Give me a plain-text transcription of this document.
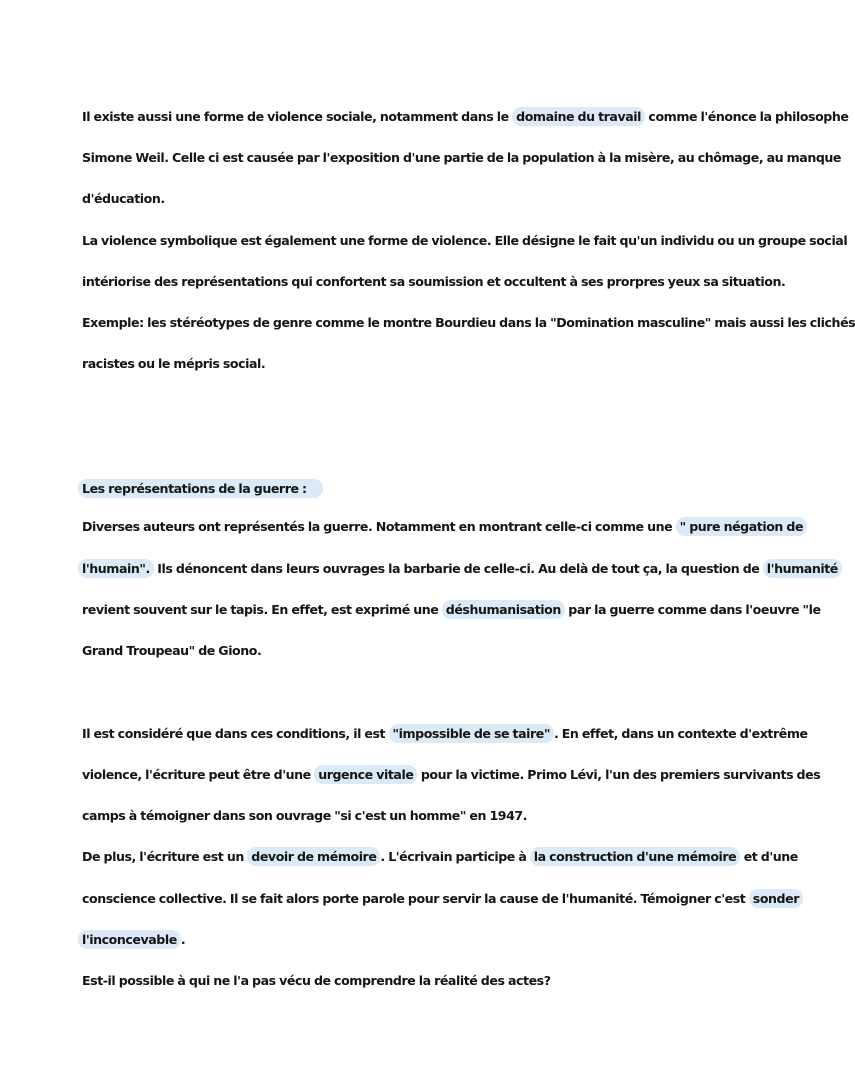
Il existe aussi une forme de violence sociale, notamment dans le domaine du travail comme l'énonce la philosophe
Simone Weil. Celle ci est causée par l'exposition d'une partie de la population à la misère, au chômage, au manque
d'éducation.
La violence symbolique est également une forme de violence. Elle désigne le fait qu'un individu ou un groupe social
intériorise des représentations qui confortent sa soumission et occultent à ses prorpres yeux sa situation.
Exemple: les stéréotypes de genre comme le montre Bourdieu dans la "Domination masculine" mais aussi les clichés
racistes ou le mépris social.
Les représentations de la guerre :
Diverses auteurs ont représentés la guerre. Notamment en montrant celle-ci comme une " pure négation de
l'humain". Ils dénoncent dans leurs ouvrages la barbarie de celle-ci. Au delà de tout ça, la question de l'humanité
revient souvent sur le tapis. En effet, est exprimé une déshumanisation par la guerre comme dans l'oeuvre "le
Grand Troupeau" de Giono.
Il est considéré que dans ces conditions, il est "impossible de se taire" . En effet, dans un contexte d'extrême
violence, l'écriture peut être d'une urgence vitale pour la victime. Primo Lévi, l'un des premiers survivants des
camps à témoigner dans son ouvrage "si c'est un homme" en 1947.
De plus, l'écriture est un devoir de mémoire . L'écrivain participe à la construction d'une mémoire et d'une
conscience collective. Il se fait alors porte parole pour servir la cause de l'humanité. Témoigner c'est sonder
l'inconcevable .
Est-il possible à qui ne l'a pas vécu de comprendre la réalité des actes?
